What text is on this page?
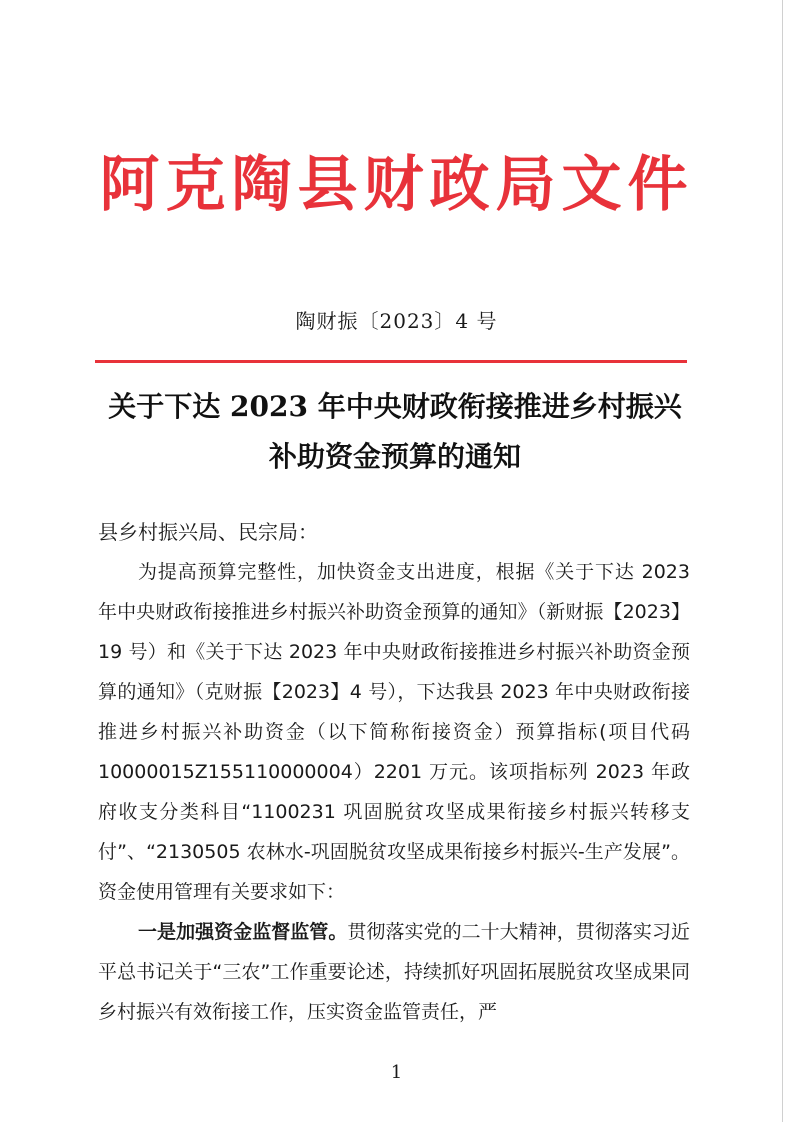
阿克陶县财政局文件
陶财振〔2023〕4 号
关于下达 2023 年中央财政衔接推进乡村振兴
补助资金预算的通知
县乡村振兴局、民宗局：

为提高预算完整性，加快资金支出进度，根据《关于下达 2023 年中央财政衔接推进乡村振兴补助资金预算的通知》（新财振【2023】19 号）和《关于下达 2023 年中央财政衔接推进乡村振兴补助资金预算的通知》（克财振【2023】4 号），下达我县 2023 年中央财政衔接推进乡村振兴补助资金（以下简称衔接资金）预算指标(项目代码 10000015Z155110000004）2201 万元。该项指标列 2023 年政府收支分类科目“1100231 巩固脱贫攻坚成果衔接乡村振兴转移支付”、“2130505 农林水-巩固脱贫攻坚成果衔接乡村振兴-生产发展”。资金使用管理有关要求如下：

一是加强资金监督监管。贯彻落实党的二十大精神，贯彻落实习近平总书记关于“三农”工作重要论述，持续抓好巩固拓展脱贫攻坚成果同乡村振兴有效衔接工作，压实资金监管责任，严

1
